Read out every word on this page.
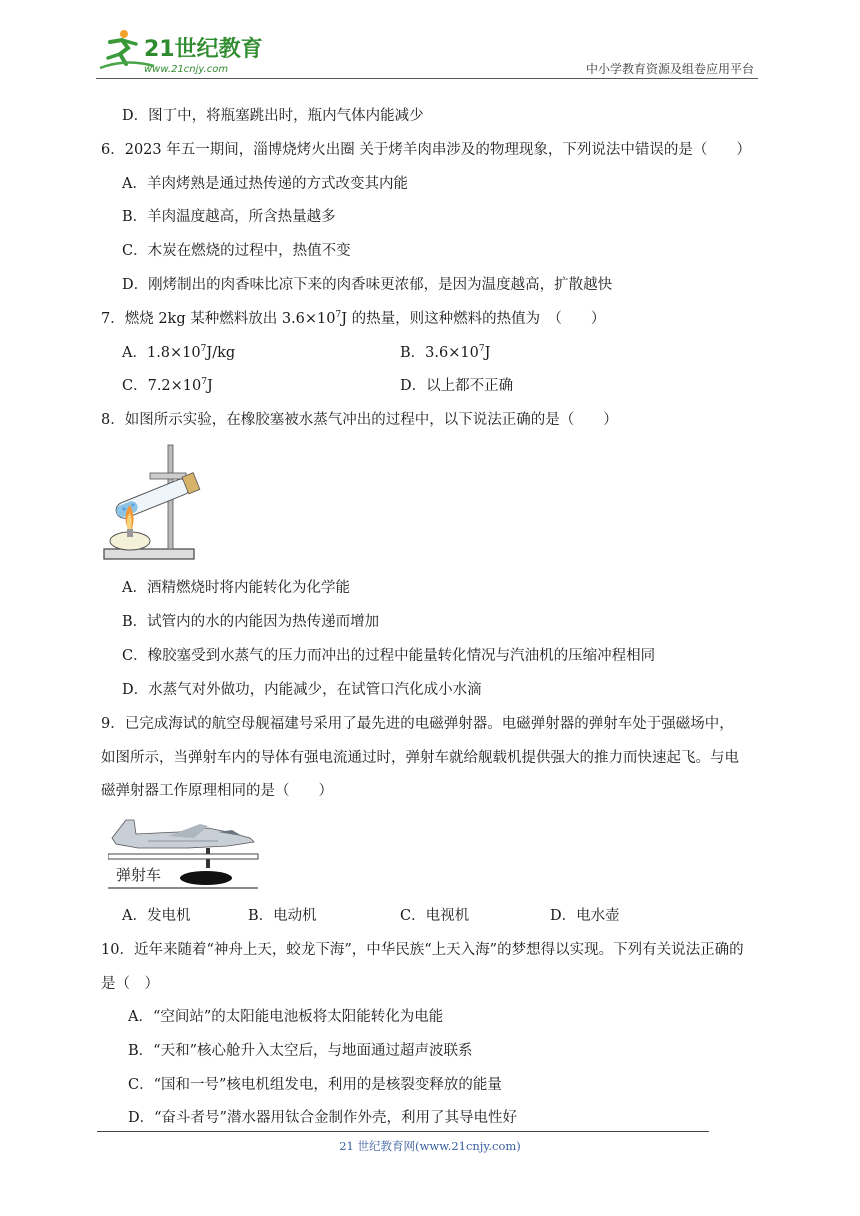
21世纪教育
www.21cnjy.com	中小学教育资源及组卷应用平台
D．图丁中，将瓶塞跳出时，瓶内气体内能减少
6．2023 年五一期间，淄博烧烤火出圈 关于烤羊肉串涉及的物理现象，下列说法中错误的是（　　）
A．羊肉烤熟是通过热传递的方式改变其内能
B．羊肉温度越高，所含热量越多
C．木炭在燃烧的过程中，热值不变
D．刚烤制出的肉香味比凉下来的肉香味更浓郁，是因为温度越高，扩散越快
7．燃烧 2kg 某种燃料放出 $3.6\times 10^7J$ 的热量，则这种燃料的热值为　（　　）
A．$1.8\times 10^7J/kg$	B．$3.6\times 10^7J$
C．$7.2\times 10^7J$	D．以上都不正确
8．如图所示实验，在橡胶塞被水蒸气冲出的过程中，以下说法正确的是（　　）
A．酒精燃烧时将内能转化为化学能
B．试管内的水的内能因为热传递而增加
C．橡胶塞受到水蒸气的压力而冲出的过程中能量转化情况与汽油机的压缩冲程相同
D．水蒸气对外做功，内能减少，在试管口汽化成小水滴
9．已完成海试的航空母舰福建号采用了最先进的电磁弹射器。电磁弹射器的弹射车处于强磁场中，
如图所示，当弹射车内的导体有强电流通过时，弹射车就给舰载机提供强大的推力而快速起飞。与电
磁弹射器工作原理相同的是（　　）
弹射车
A．发电机	B．电动机	C．电视机	D．电水壶
10．近年来随着“神舟上天，蛟龙下海”，中华民族“上天入海”的梦想得以实现。下列有关说法正确的
是（　）
A．“空间站”的太阳能电池板将太阳能转化为电能
B．“天和”核心舱升入太空后，与地面通过超声波联系
C．“国和一号”核电机组发电，利用的是核裂变释放的能量
D．“奋斗者号”潜水器用钛合金制作外壳，利用了其导电性好
21 世纪教育网(www.21cnjy.com)
